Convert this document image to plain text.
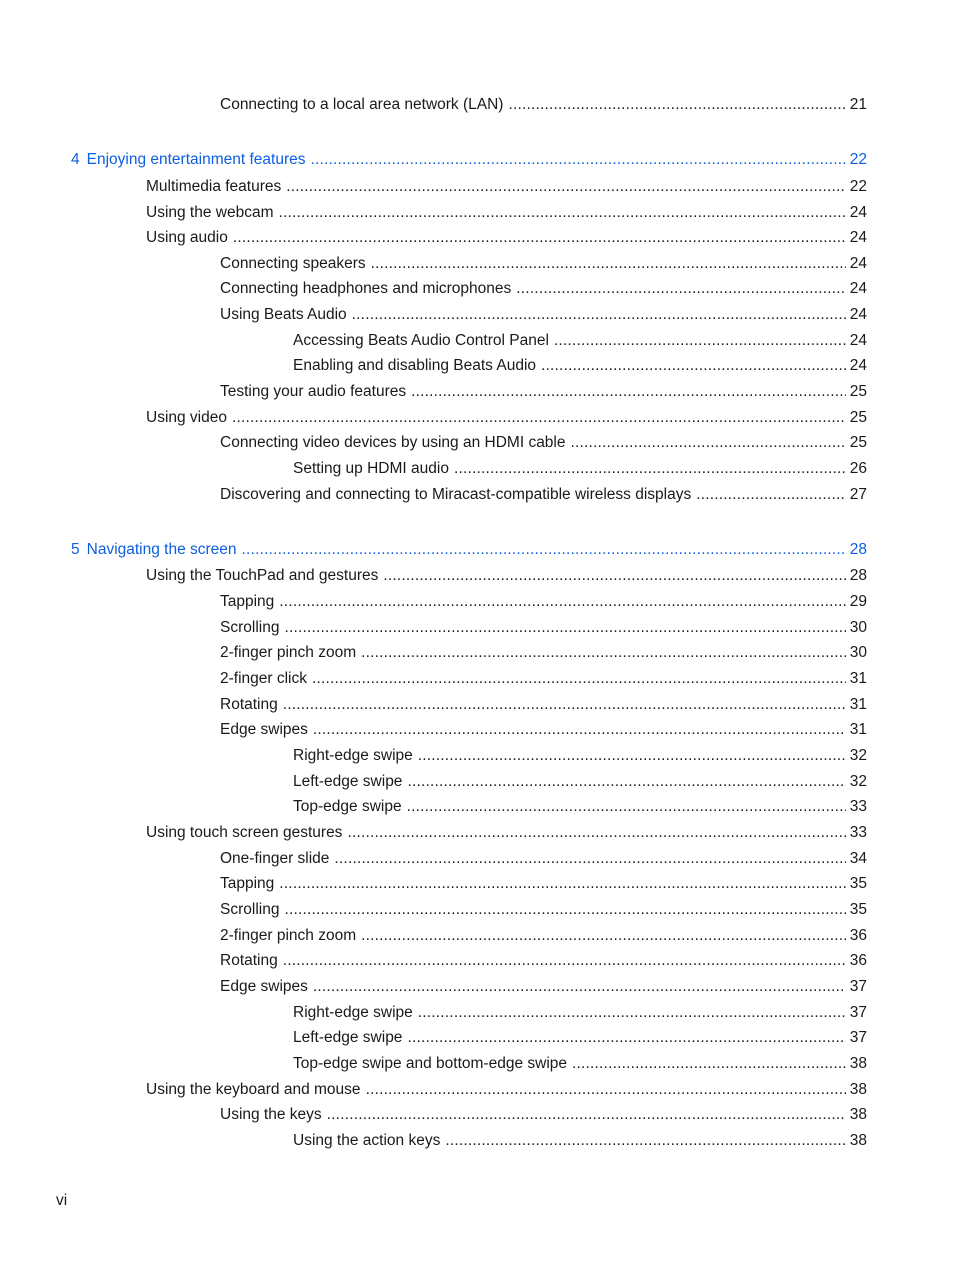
Connecting to a local area network (LAN) .....	21
4 Enjoying entertainment features .....	22
Multimedia features .....	22
Using the webcam .....	24
Using audio .....	24
Connecting speakers .....	24
Connecting headphones and microphones .....	24
Using Beats Audio .....	24
Accessing Beats Audio Control Panel .....	24
Enabling and disabling Beats Audio .....	24
Testing your audio features .....	25
Using video .....	25
Connecting video devices by using an HDMI cable .....	25
Setting up HDMI audio .....	26
Discovering and connecting to Miracast-compatible wireless displays .....	27
5 Navigating the screen .....	28
Using the TouchPad and gestures .....	28
Tapping .....	29
Scrolling .....	30
2-finger pinch zoom .....	30
2-finger click .....	31
Rotating .....	31
Edge swipes .....	31
Right-edge swipe .....	32
Left-edge swipe .....	32
Top-edge swipe .....	33
Using touch screen gestures .....	33
One-finger slide .....	34
Tapping .....	35
Scrolling .....	35
2-finger pinch zoom .....	36
Rotating .....	36
Edge swipes .....	37
Right-edge swipe .....	37
Left-edge swipe .....	37
Top-edge swipe and bottom-edge swipe .....	38
Using the keyboard and mouse .....	38
Using the keys .....	38
Using the action keys .....	38
vi
